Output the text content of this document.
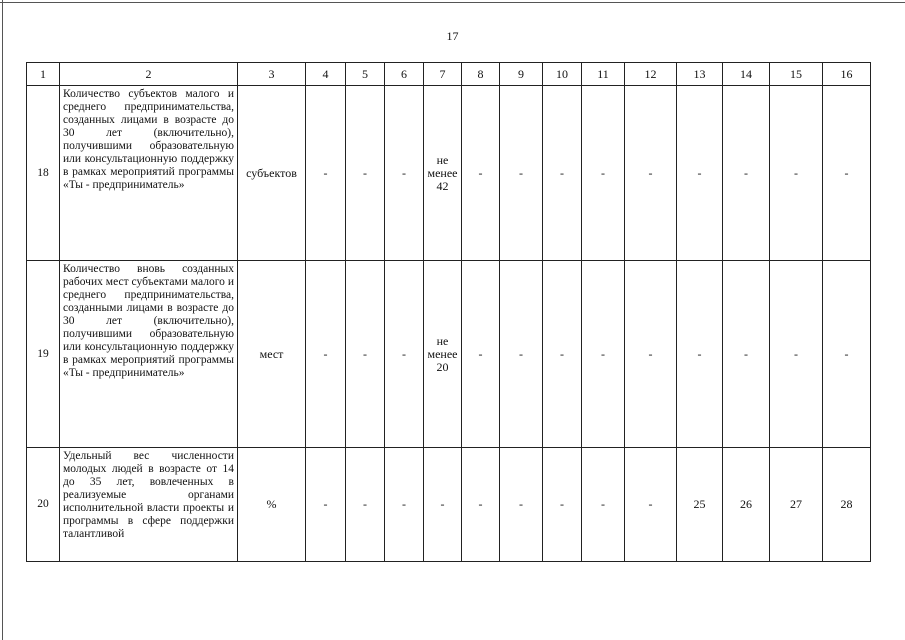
17
1	2	3	4	5	6	7	8	9	10	11	12	13	14	15	16
18	Количество субъектов малого и среднего предпринимательства, созданных лицами в возрасте до 30 лет (включительно), получившими образовательную или консультационную поддержку в рамках мероприятий программы «Ты - предприниматель»	субъектов	-	-	-	не менее 42	-	-	-	-	-	-	-	-	-
19	Количество вновь созданных рабочих мест субъектами малого и среднего предпринимательства, созданными лицами в возрасте до 30 лет (включительно), получившими образовательную или консультационную поддержку в рамках мероприятий программы «Ты - предприниматель»	мест	-	-	-	не менее 20	-	-	-	-	-	-	-	-	-
20	Удельный вес численности молодых людей в возрасте от 14 до 35 лет, вовлеченных в реализуемые органами исполнительной власти проекты и программы в сфере поддержки талантливой	%	-	-	-	-	-	-	-	-	-	25	26	27	28
